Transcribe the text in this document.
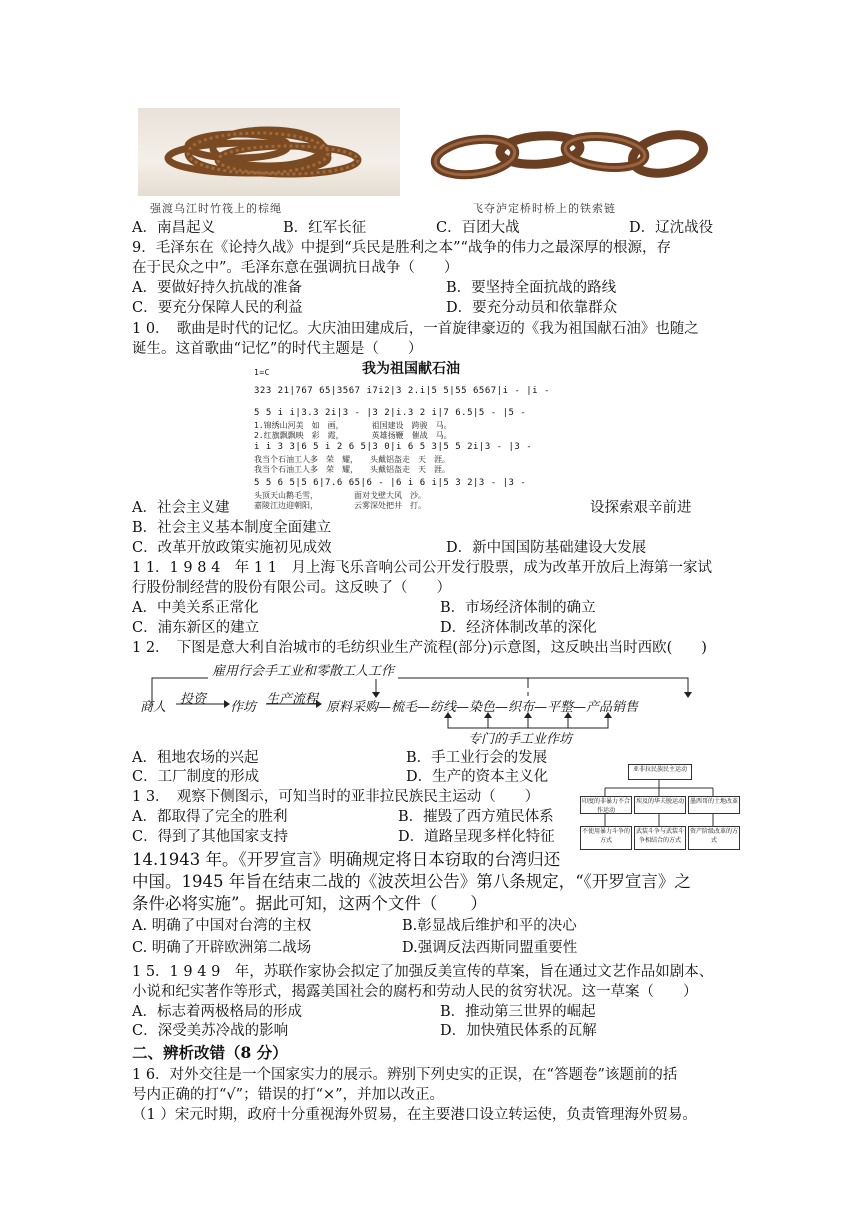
强渡乌江时竹筏上的棕绳	飞夺泸定桥时桥上的铁索链
A．南昌起义	B．红军长征	C．百团大战	D．辽沈战役
9．毛泽东在《论持久战》中提到“兵民是胜利之本”“战争的伟力之最深厚的根源，存
在于民众之中”。毛泽东意在强调抗日战争（　　）
A．要做好持久抗战的准备	B．要坚持全面抗战的路线
C．要充分保障人民的利益	D．要充分动员和依靠群众
1 0．　歌曲是时代的记忆。大庆油田建成后，一首旋律豪迈的《我为祖国献石油》也随之
诞生。这首歌曲“记忆”的时代主题是（　　）
我为祖国献石油
1=C
323 21|767 65|3567 i7i2|3 2.i|5 5|55 6567|i - |i -
5 5 i i|3.3 2i|3 - |3 2|i.3 2 i|7 6.5|5 - |5 -
1.锦绣山河美　如　画，　　　　祖国建设　跨骏　马。
2.红旗飘飘映　彩　霞，　　　　英雄扬鞭　催战　马。
i i 3 3|6 5 i 2 6 5|3 0|i 6 5 3|5 5 2i|3 - |3 -
我当个石油工人多　荣　耀，　　头戴铝盔走　天　涯。
我当个石油工人多　荣　耀，　　头戴铝盔走　天　涯。
5 5 6 5|5 6|7.6 65|6 - |6 i 6 i|5 3 2|3 - |3 -
头顶天山鹅毛雪，　　　　　面对戈壁大风　沙。
嘉陵江边迎朝阳，　　　　　云雾深处把井　打。
A．社会主义建	设探索艰辛前进
B．社会主义基本制度全面建立
C．改革开放政策实施初见成效	D．新中国国防基础建设大发展
1 1．1 9 8 4　年 1 1　月上海飞乐音响公司公开发行股票，成为改革开放后上海第一家试
行股份制经营的股份有限公司。这反映了（　　）
A．中美关系正常化	B．市场经济体制的确立
C．浦东新区的建立	D．经济体制改革的深化
1 2．　下图是意大利自治城市的毛纺织业生产流程(部分)示意图，这反映出当时西欧(　　)
雇用行会手工业和零散工人工作
商人
投资
作坊
生产流程
原料采购—梳毛—纺线—染色—织布—平整—产品销售
专门的手工业作坊
A．租地农场的兴起	B．手工业行会的发展
C．工厂制度的形成	D．生产的资本主义化
1 3．　观察下侧图示，可知当时的亚非拉民族民主运动（　　）
A．都取得了完全的胜利	B．摧毁了西方殖民体系
C．得到了其他国家支持	D．道路呈现多样化特征
亚非拉民族民主运动
印度的非暴力不合作运动
埃及的华夫脱运动 墨西哥的土地改革
不使用暴力斗争的方式
武装斗争与武装斗争相结合的方式
资产阶级改革的方式
14.1943 年。《开罗宣言》明确规定将日本窃取的台湾归还
中国。1945 年旨在结束二战的《波茨坦公告》第八条规定，“《开罗宣言》之
条件必将实施”。据此可知，这两个文件（　　）
A. 明确了中国对台湾的主权	B.彰显战后维护和平的决心
C. 明确了开辟欧洲第二战场	D.强调反法西斯同盟重要性
1 5．1 9 4 9　年，苏联作家协会拟定了加强反美宣传的草案，旨在通过文艺作品如剧本、
小说和纪实著作等形式，揭露美国社会的腐朽和劳动人民的贫穷状况。这一草案（　　）
A．标志着两极格局的形成	B．推动第三世界的崛起
C．深受美苏冷战的影响	D．加快殖民体系的瓦解
二、辨析改错（8 分）
1 6．对外交往是一个国家实力的展示。辨别下列史实的正误，在“答题卷”该题前的括
号内正确的打“√”；错误的打“×”，并加以改正。
（1 ）宋元时期，政府十分重视海外贸易，在主要港口设立转运使，负责管理海外贸易。
